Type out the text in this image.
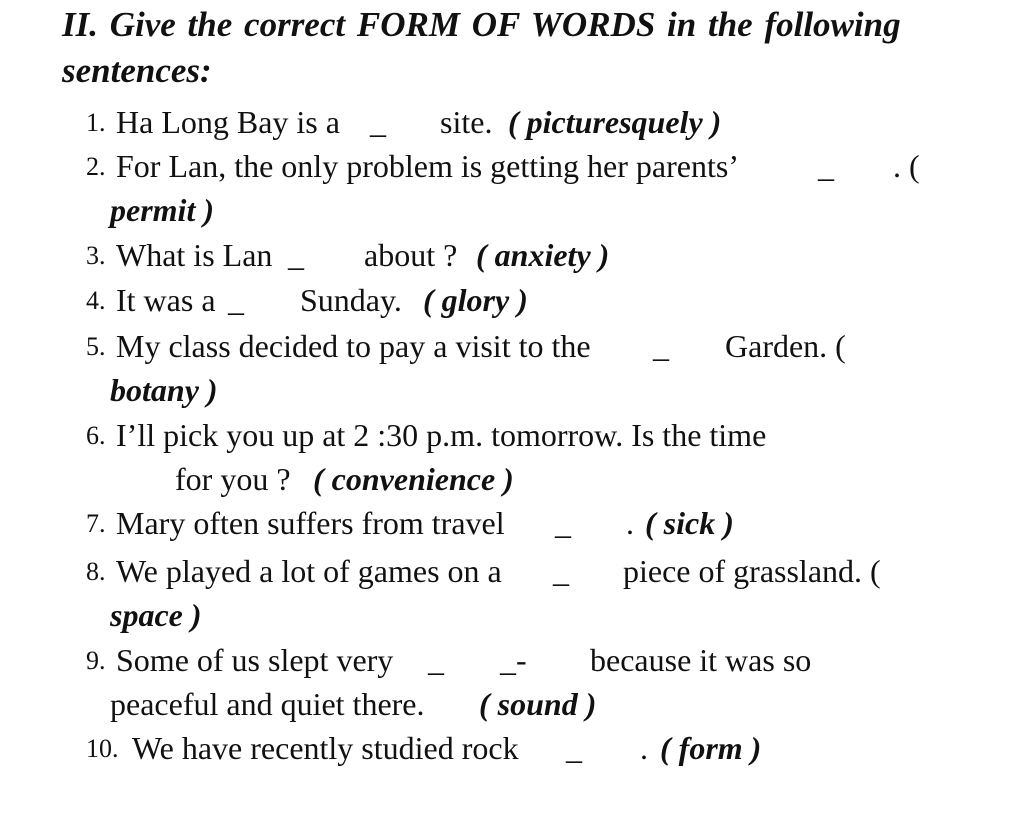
II. Give the correct FORM OF WORDS in the following
sentences:
1. Ha Long Bay is a _ site. ( picturesquely )
2. For Lan, the only problem is getting her parents’ _ . (
permit )
3. What is Lan _ about ? ( anxiety )
4. It was a _ Sunday. ( glory )
5. My class decided to pay a visit to the _ Garden. (
botany )
6. I’ll pick you up at 2 :30 p.m. tomorrow. Is the time
for you ? ( convenience )
7. Mary often suffers from travel _ . ( sick )
8. We played a lot of games on a _ piece of grassland. (
space )
9. Some of us slept very _ _- because it was so
peaceful and quiet there. ( sound )
10. We have recently studied rock _ . ( form )
